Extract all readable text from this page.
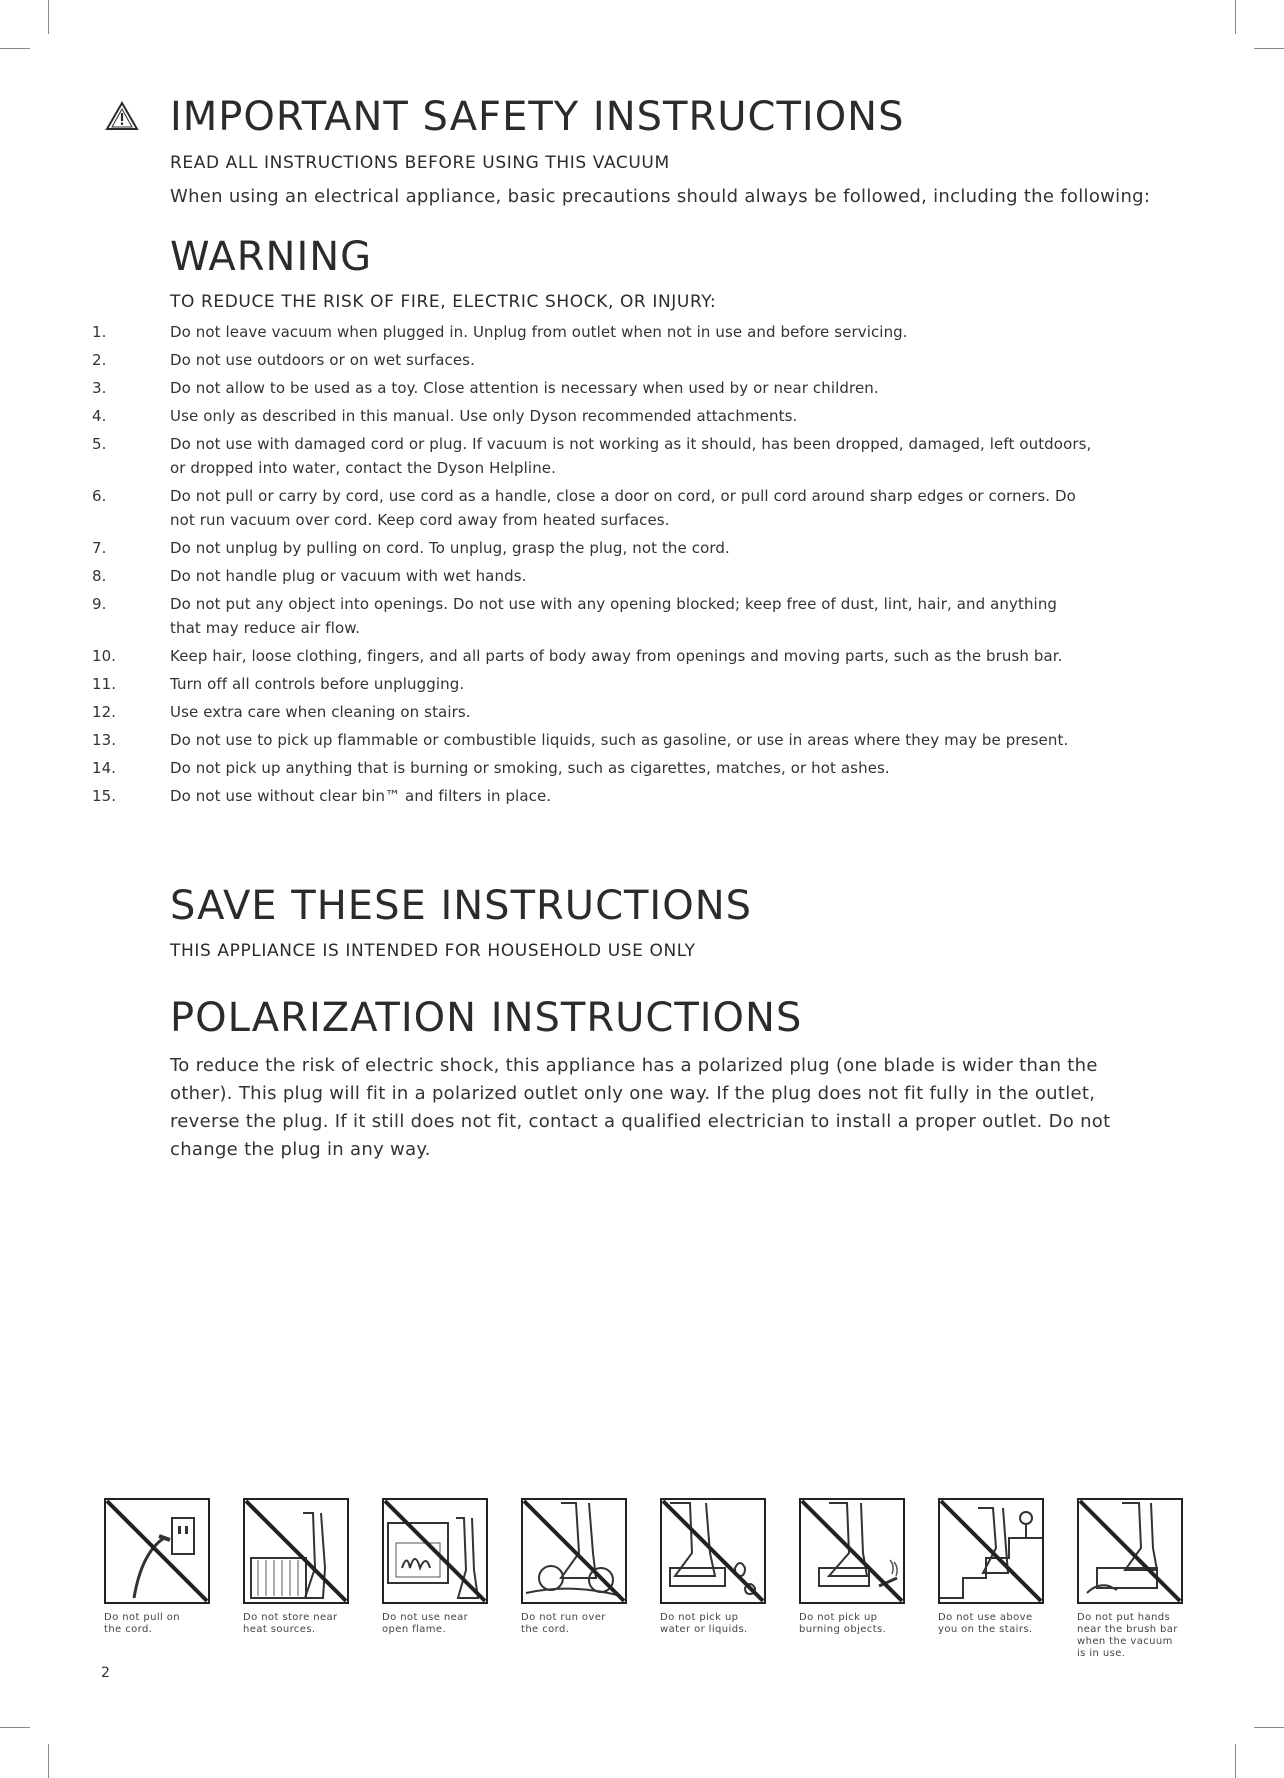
IMPORTANT SAFETY INSTRUCTIONS
READ ALL INSTRUCTIONS BEFORE USING THIS VACUUM
When using an electrical appliance, basic precautions should always be followed, including the following:
WARNING
TO REDUCE THE RISK OF FIRE, ELECTRIC SHOCK, OR INJURY:
1.	Do not leave vacuum when plugged in. Unplug from outlet when not in use and before servicing.
2.	Do not use outdoors or on wet surfaces.
3.	Do not allow to be used as a toy. Close attention is necessary when used by or near children.
4.	Use only as described in this manual. Use only Dyson recommended attachments.
5.	Do not use with damaged cord or plug. If vacuum is not working as it should, has been dropped, damaged, left outdoors, or dropped into water, contact the Dyson Helpline.
6.	Do not pull or carry by cord, use cord as a handle, close a door on cord, or pull cord around sharp edges or corners. Do not run vacuum over cord. Keep cord away from heated surfaces.
7.	Do not unplug by pulling on cord. To unplug, grasp the plug, not the cord.
8.	Do not handle plug or vacuum with wet hands.
9.	Do not put any object into openings. Do not use with any opening blocked; keep free of dust, lint, hair, and anything that may reduce air flow.
10.	Keep hair, loose clothing, fingers, and all parts of body away from openings and moving parts, such as the brush bar.
11.	Turn off all controls before unplugging.
12.	Use extra care when cleaning on stairs.
13.	Do not use to pick up flammable or combustible liquids, such as gasoline, or use in areas where they may be present.
14.	Do not pick up anything that is burning or smoking, such as cigarettes, matches, or hot ashes.
15.	Do not use without clear bin™ and filters in place.
SAVE THESE INSTRUCTIONS
THIS APPLIANCE IS INTENDED FOR HOUSEHOLD USE ONLY
POLARIZATION INSTRUCTIONS
To reduce the risk of electric shock, this appliance has a polarized plug (one blade is wider than the other). This plug will fit in a polarized outlet only one way. If the plug does not fit fully in the outlet, reverse the plug. If it still does not fit, contact a qualified electrician to install a proper outlet. Do not change the plug in any way.
Do not pull on
the cord.
Do not store near
heat sources.
Do not use near
open flame.
Do not run over
the cord.
Do not pick up
water or liquids.
Do not pick up
burning objects.
Do not use above
you on the stairs.
Do not put hands
near the brush bar
when the vacuum
is in use.
2
